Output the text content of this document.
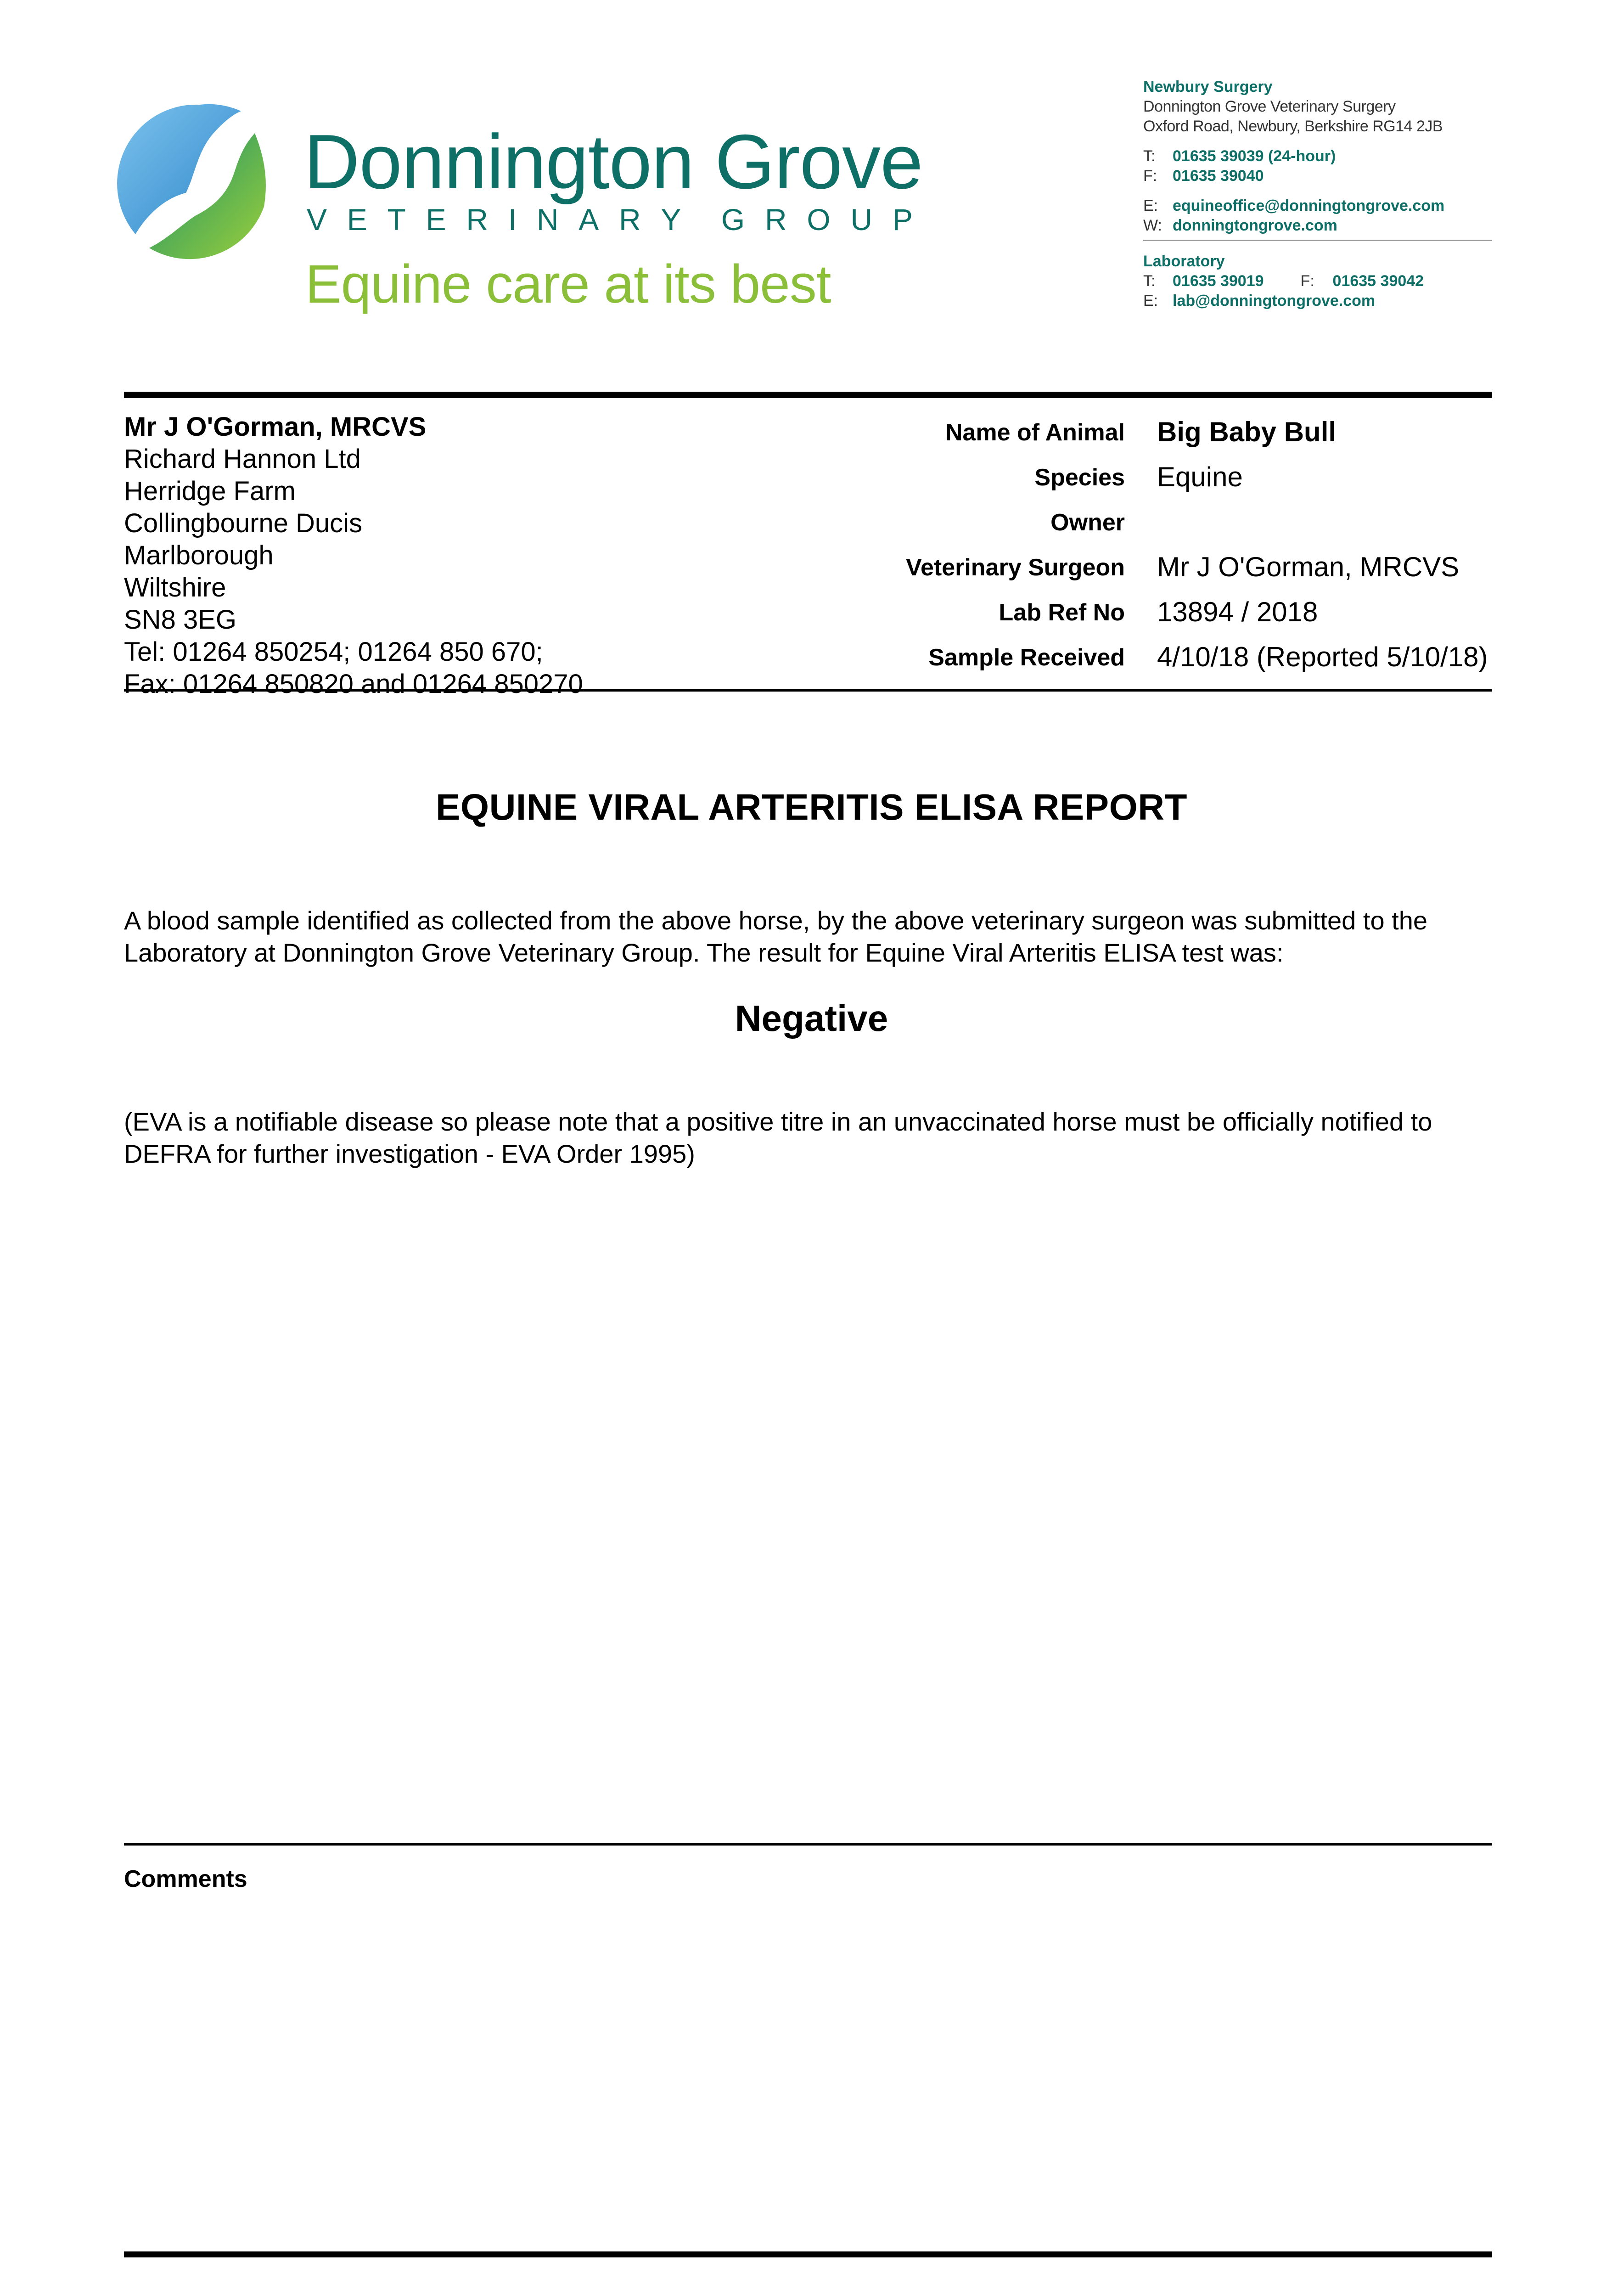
Donnington Grove
V E T E R I N A R Y G R O U P
Equine care at its best
Newbury Surgery
Donnington Grove Veterinary Surgery
Oxford Road, Newbury, Berkshire RG14 2JB
T:	01635 39039 (24-hour)
F: 01635 39040
E: equineoffice@donningtongrove.com
W: donningtongrove.com
Laboratory
T:	01635 39019 F:	01635 39042
E: lab@donningtongrove.com
Mr J O'Gorman, MRCVS
Richard Hannon Ltd
Herridge Farm
Collingbourne Ducis
Marlborough
Wiltshire
SN8 3EG
Tel: 01264 850254; 01264 850 670;
Fax: 01264 850820 and 01264 850270
Name of Animal Big Baby Bull
Species Equine
Owner
Veterinary Surgeon Mr J O'Gorman, MRCVS
Lab Ref No 13894 / 2018
Sample Received 4/10/18 (Reported 5/10/18)
EQUINE VIRAL ARTERITIS ELISA REPORT

A blood sample identified as collected from the above horse, by the above veterinary surgeon was submitted to the Laboratory at Donnington Grove Veterinary Group. The result for Equine Viral Arteritis ELISA test was:

Negative

(EVA is a notifiable disease so please note that a positive titre in an unvaccinated horse must be officially notified to DEFRA for further investigation - EVA Order 1995)

Comments
